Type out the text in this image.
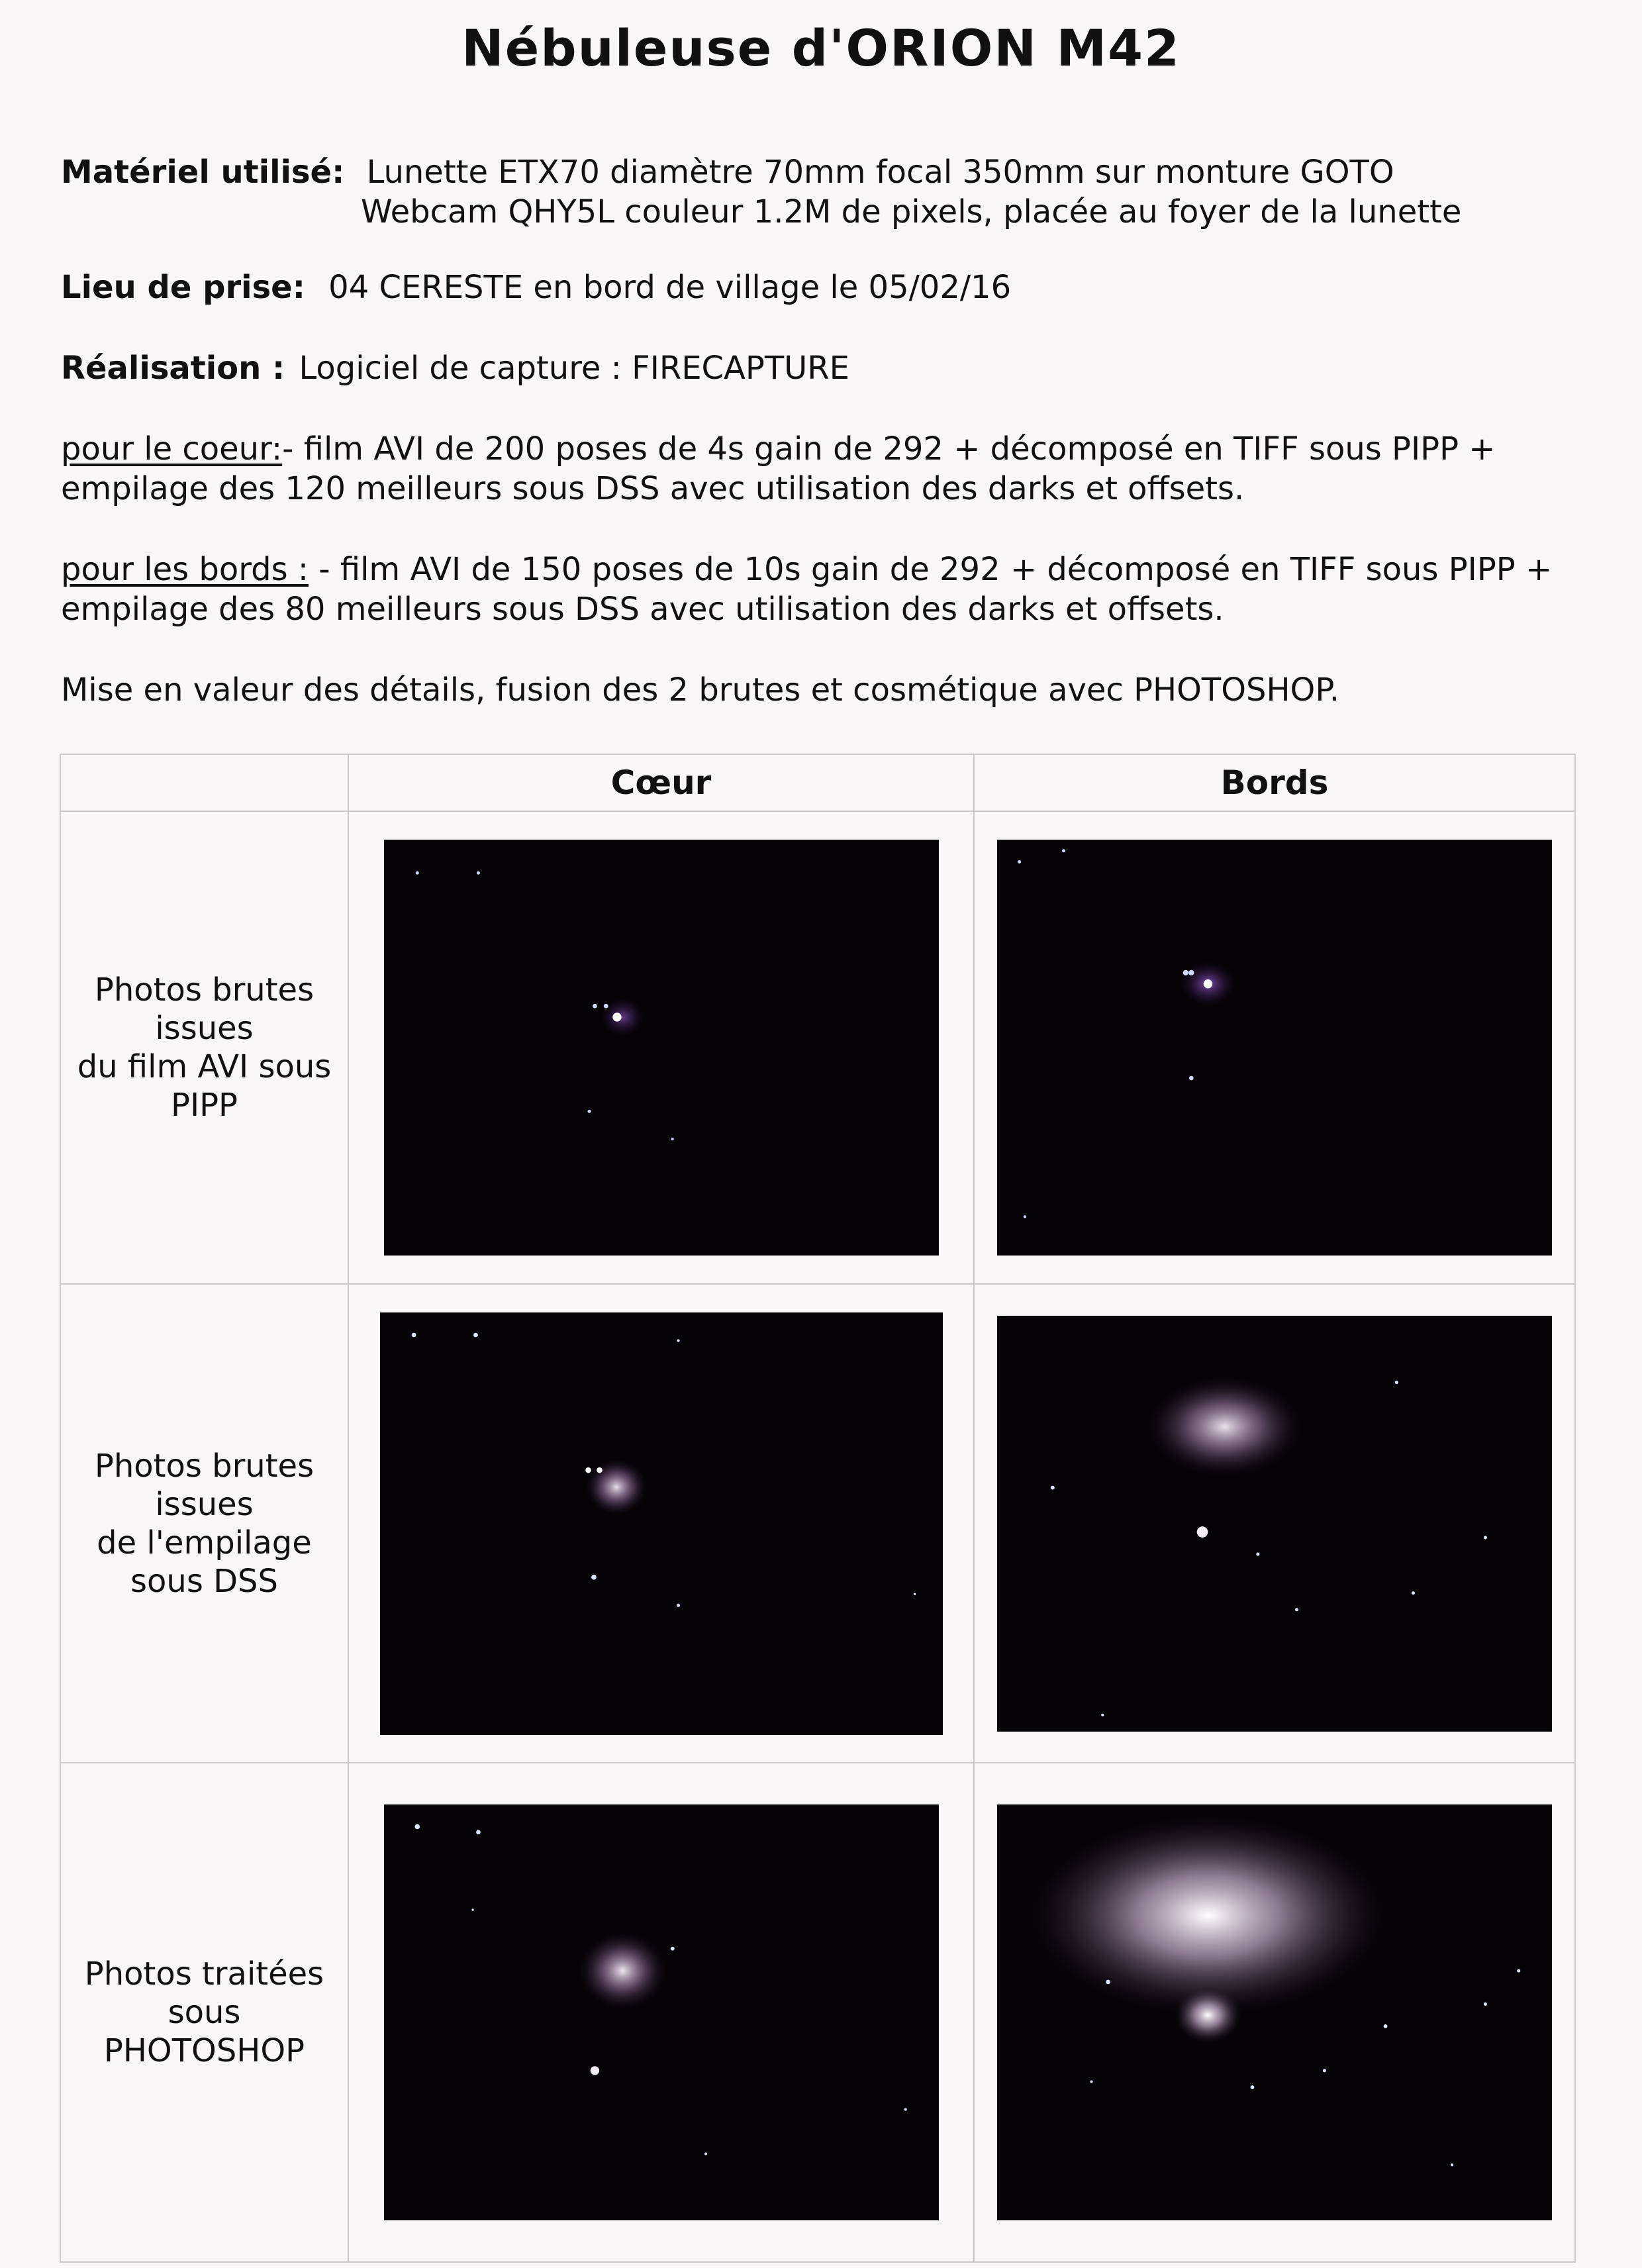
Nébuleuse d'ORION M42
Matériel utilisé: Lunette ETX70 diamètre 70mm focal 350mm sur monture GOTO
Webcam QHY5L couleur 1.2M de pixels, placée au foyer de la lunette
Lieu de prise: 04 CERESTE en bord de village le 05/02/16
Réalisation : Logiciel de capture : FIRECAPTURE
pour le coeur:- film AVI de 200 poses de 4s gain de 292 + décomposé en TIFF sous PIPP +
empilage des 120 meilleurs sous DSS avec utilisation des darks et offsets.
pour les bords : - film AVI de 150 poses de 10s gain de 292 + décomposé en TIFF sous PIPP +
empilage des 80 meilleurs sous DSS avec utilisation des darks et offsets.
Mise en valeur des détails, fusion des 2 brutes et cosmétique avec PHOTOSHOP.
	Cœur	Bords
Photos brutes
issues
du film AVI sous
PIPP	

Photos brutes
issues
de l'empilage
sous DSS	

Photos traitées
sous
PHOTOSHOP	
